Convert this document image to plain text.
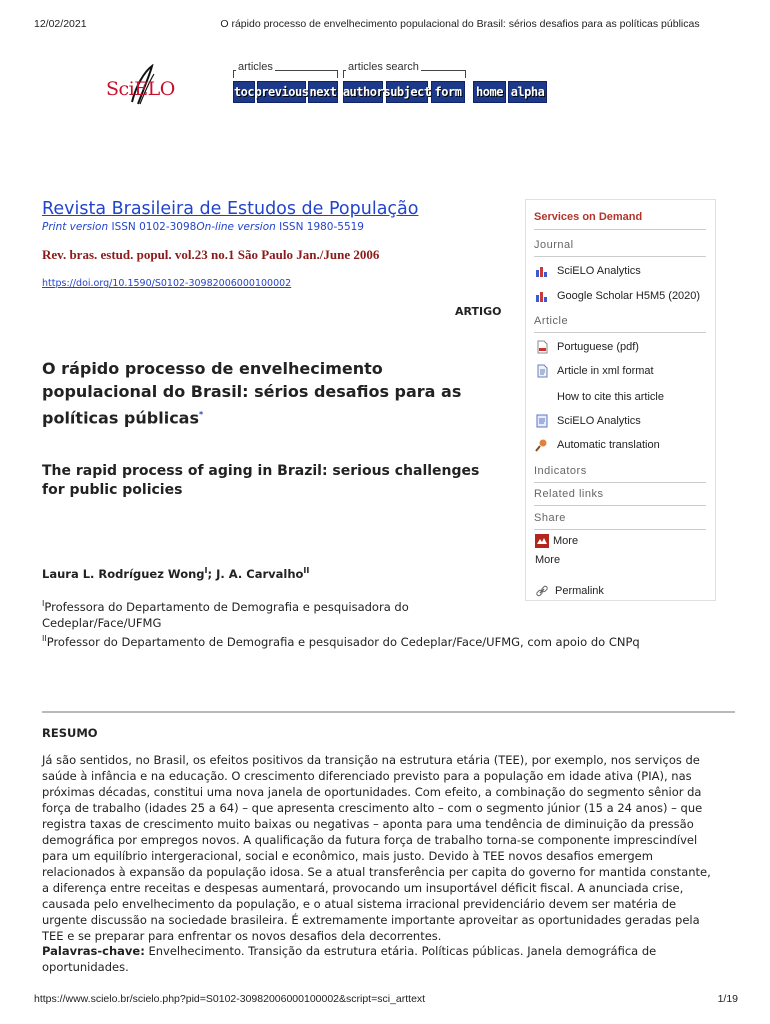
12/02/2021	O rápido processo de envelhecimento populacional do Brasil: sérios desafios para as políticas públicas
SciELO
articles	articles search
toc previous next author subject form home alpha
Revista Brasileira de Estudos de População
Print version ISSN 0102-3098On-line version ISSN 1980-5519
Rev. bras. estud. popul. vol.23 no.1 São Paulo Jan./June 2006
https://doi.org/10.1590/S0102-30982006000100002
ARTIGO
O rápido processo de envelhecimento
populacional do Brasil: sérios desafios para as
políticas públicas*
The rapid process of aging in Brazil: serious challenges
for public policies
Laura L. Rodríguez Wong$^I$; J. A. Carvalho$^{II}$
$^I$Professora do Departamento de Demografia e pesquisadora do
Cedeplar/Face/UFMG
$^{II}$Professor do Departamento de Demografia e pesquisador do Cedeplar/Face/UFMG, com apoio do CNPq
Services on Demand
Journal
SciELO Analytics
Google Scholar H5M5 (2020)
Article
Portuguese (pdf)
Article in xml format
How to cite this article
SciELO Analytics
Automatic translation
Indicators
Related links
Share
More
More
Permalink
RESUMO
Já são sentidos, no Brasil, os efeitos positivos da transição na estrutura etária (TEE), por exemplo, nos serviços de
saúde à infância e na educação. O crescimento diferenciado previsto para a população em idade ativa (PIA), nas
próximas décadas, constitui uma nova janela de oportunidades. Com efeito, a combinação do segmento sênior da
força de trabalho (idades 25 a 64) – que apresenta crescimento alto – com o segmento júnior (15 a 24 anos) – que
registra taxas de crescimento muito baixas ou negativas – aponta para uma tendência de diminuição da pressão
demográfica por empregos novos. A qualificação da futura força de trabalho torna-se componente imprescindível
para um equilíbrio intergeracional, social e econômico, mais justo. Devido à TEE novos desafios emergem
relacionados à expansão da população idosa. Se a atual transferência per capita do governo for mantida constante,
a diferença entre receitas e despesas aumentará, provocando um insuportável déficit fiscal. A anunciada crise,
causada pelo envelhecimento da população, e o atual sistema irracional previdenciário devem ser matéria de
urgente discussão na sociedade brasileira. É extremamente importante aproveitar as oportunidades geradas pela
TEE e se preparar para enfrentar os novos desafios dela decorrentes.
Palavras-chave: Envelhecimento. Transição da estrutura etária. Políticas públicas. Janela demográfica de
oportunidades.
https://www.scielo.br/scielo.php?pid=S0102-30982006000100002&script=sci_arttext	1/19
